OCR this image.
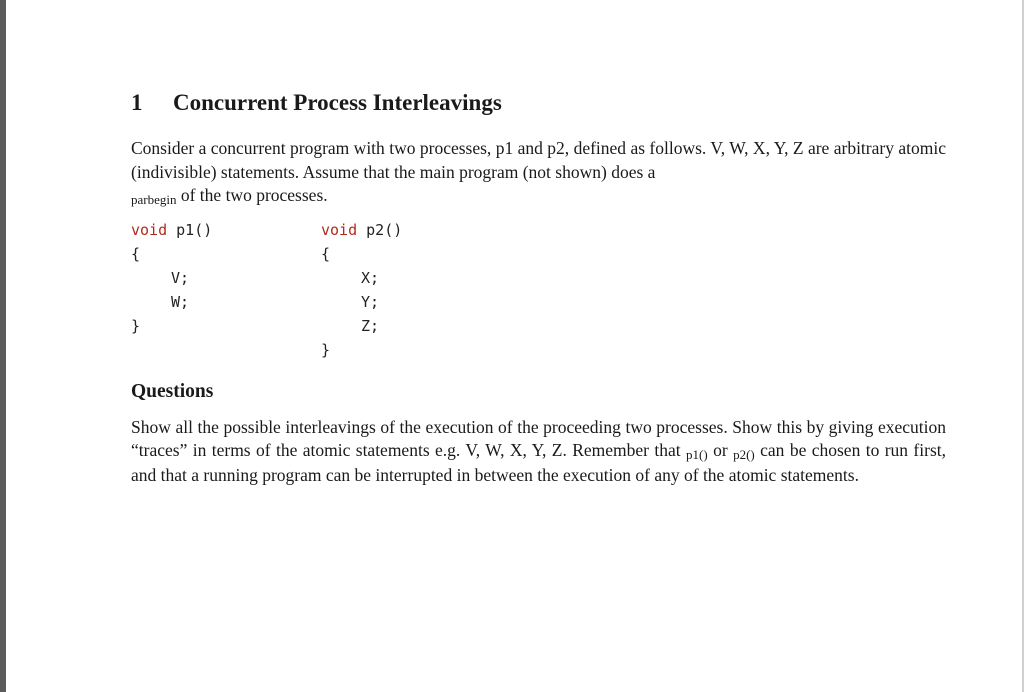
1 Concurrent Process Interleavings

Consider a concurrent program with two processes, p1 and p2, defined as follows. V, W, X, Y, Z are arbitrary atomic (indivisible) statements. Assume that the main program (not shown) does a
parbegin of the two processes.

void p1()
{
V;
W;
}
void p2()
{
X;
Y;
Z;
}
Questions

Show all the possible interleavings of the execution of the proceeding two processes. Show this by giving execution “traces” in terms of the atomic statements e.g. V, W, X, Y, Z. Remember that p1() or p2() can be chosen to run first, and that a running program can be interrupted in between the execution of any of the atomic statements.
